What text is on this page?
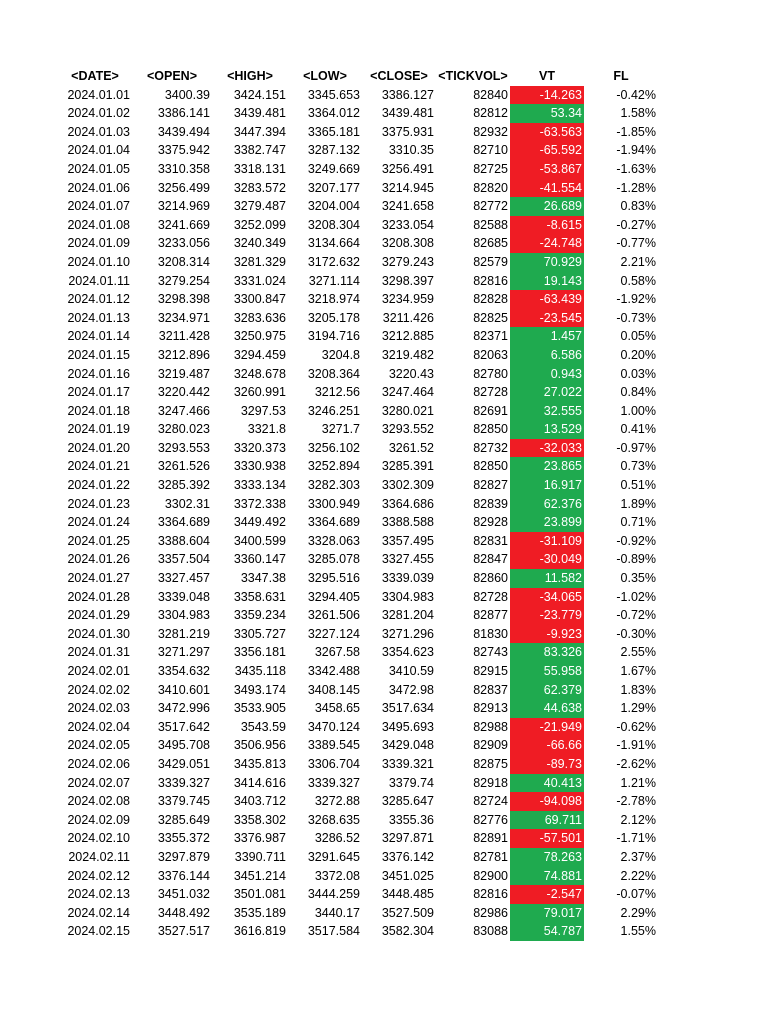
<DATE>	<OPEN>	<HIGH>	<LOW>	<CLOSE> <TICKVOL>	VT	FL
2024.01.01	3400.39	3424.151	3345.653	3386.127	82840	-14.263	-0.42%
2024.01.02	3386.141	3439.481	3364.012	3439.481	82812	53.34	1.58%
2024.01.03	3439.494	3447.394	3365.181	3375.931	82932	-63.563	-1.85%
2024.01.04	3375.942	3382.747	3287.132	3310.35	82710	-65.592	-1.94%
2024.01.05	3310.358	3318.131	3249.669	3256.491	82725	-53.867	-1.63%
2024.01.06	3256.499	3283.572	3207.177	3214.945	82820	-41.554	-1.28%
2024.01.07	3214.969	3279.487	3204.004	3241.658	82772	26.689	0.83%
2024.01.08	3241.669	3252.099	3208.304	3233.054	82588	-8.615	-0.27%
2024.01.09	3233.056	3240.349	3134.664	3208.308	82685	-24.748	-0.77%
2024.01.10	3208.314	3281.329	3172.632	3279.243	82579	70.929	2.21%
2024.01.11	3279.254	3331.024	3271.114	3298.397	82816	19.143	0.58%
2024.01.12	3298.398	3300.847	3218.974	3234.959	82828	-63.439	-1.92%
2024.01.13	3234.971	3283.636	3205.178	3211.426	82825	-23.545	-0.73%
2024.01.14	3211.428	3250.975	3194.716	3212.885	82371	1.457	0.05%
2024.01.15	3212.896	3294.459	3204.8	3219.482	82063	6.586	0.20%
2024.01.16	3219.487	3248.678	3208.364	3220.43	82780	0.943	0.03%
2024.01.17	3220.442	3260.991	3212.56	3247.464	82728	27.022	0.84%
2024.01.18	3247.466	3297.53	3246.251	3280.021	82691	32.555	1.00%
2024.01.19	3280.023	3321.8	3271.7	3293.552	82850	13.529	0.41%
2024.01.20	3293.553	3320.373	3256.102	3261.52	82732	-32.033	-0.97%
2024.01.21	3261.526	3330.938	3252.894	3285.391	82850	23.865	0.73%
2024.01.22	3285.392	3333.134	3282.303	3302.309	82827	16.917	0.51%
2024.01.23	3302.31	3372.338	3300.949	3364.686	82839	62.376	1.89%
2024.01.24	3364.689	3449.492	3364.689	3388.588	82928	23.899	0.71%
2024.01.25	3388.604	3400.599	3328.063	3357.495	82831	-31.109	-0.92%
2024.01.26	3357.504	3360.147	3285.078	3327.455	82847	-30.049	-0.89%
2024.01.27	3327.457	3347.38	3295.516	3339.039	82860	11.582	0.35%
2024.01.28	3339.048	3358.631	3294.405	3304.983	82728	-34.065	-1.02%
2024.01.29	3304.983	3359.234	3261.506	3281.204	82877	-23.779	-0.72%
2024.01.30	3281.219	3305.727	3227.124	3271.296	81830	-9.923	-0.30%
2024.01.31	3271.297	3356.181	3267.58	3354.623	82743	83.326	2.55%
2024.02.01	3354.632	3435.118	3342.488	3410.59	82915	55.958	1.67%
2024.02.02	3410.601	3493.174	3408.145	3472.98	82837	62.379	1.83%
2024.02.03	3472.996	3533.905	3458.65	3517.634	82913	44.638	1.29%
2024.02.04	3517.642	3543.59	3470.124	3495.693	82988	-21.949	-0.62%
2024.02.05	3495.708	3506.956	3389.545	3429.048	82909	-66.66	-1.91%
2024.02.06	3429.051	3435.813	3306.704	3339.321	82875	-89.73	-2.62%
2024.02.07	3339.327	3414.616	3339.327	3379.74	82918	40.413	1.21%
2024.02.08	3379.745	3403.712	3272.88	3285.647	82724	-94.098	-2.78%
2024.02.09	3285.649	3358.302	3268.635	3355.36	82776	69.711	2.12%
2024.02.10	3355.372	3376.987	3286.52	3297.871	82891	-57.501	-1.71%
2024.02.11	3297.879	3390.711	3291.645	3376.142	82781	78.263	2.37%
2024.02.12	3376.144	3451.214	3372.08	3451.025	82900	74.881	2.22%
2024.02.13	3451.032	3501.081	3444.259	3448.485	82816	-2.547	-0.07%
2024.02.14	3448.492	3535.189	3440.17	3527.509	82986	79.017	2.29%
2024.02.15	3527.517	3616.819	3517.584	3582.304	83088	54.787	1.55%
